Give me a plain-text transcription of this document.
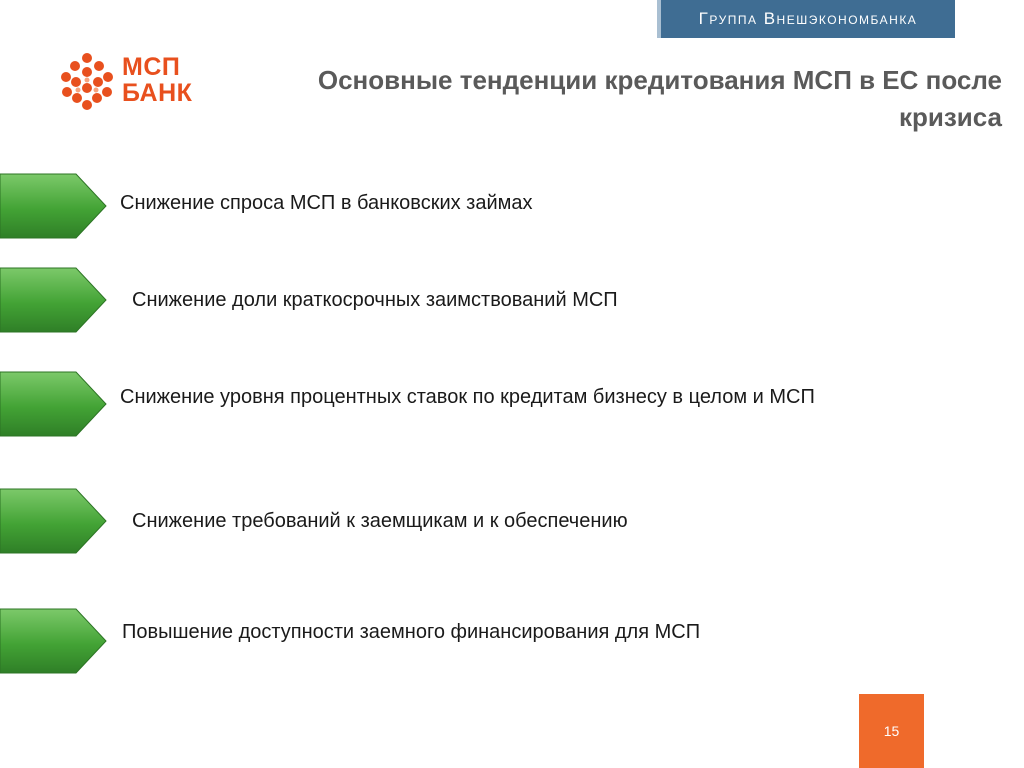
Группа Внешэкономбанка
МСП
БАНК	Основные тенденции кредитования МСП в ЕС после кризиса
Снижение спроса МСП в банковских займах
Снижение доли краткосрочных заимствований МСП
Снижение уровня процентных ставок по кредитам бизнесу в целом и МСП
Снижение требований к заемщикам и к обеспечению
Повышение доступности заемного финансирования для МСП
15
